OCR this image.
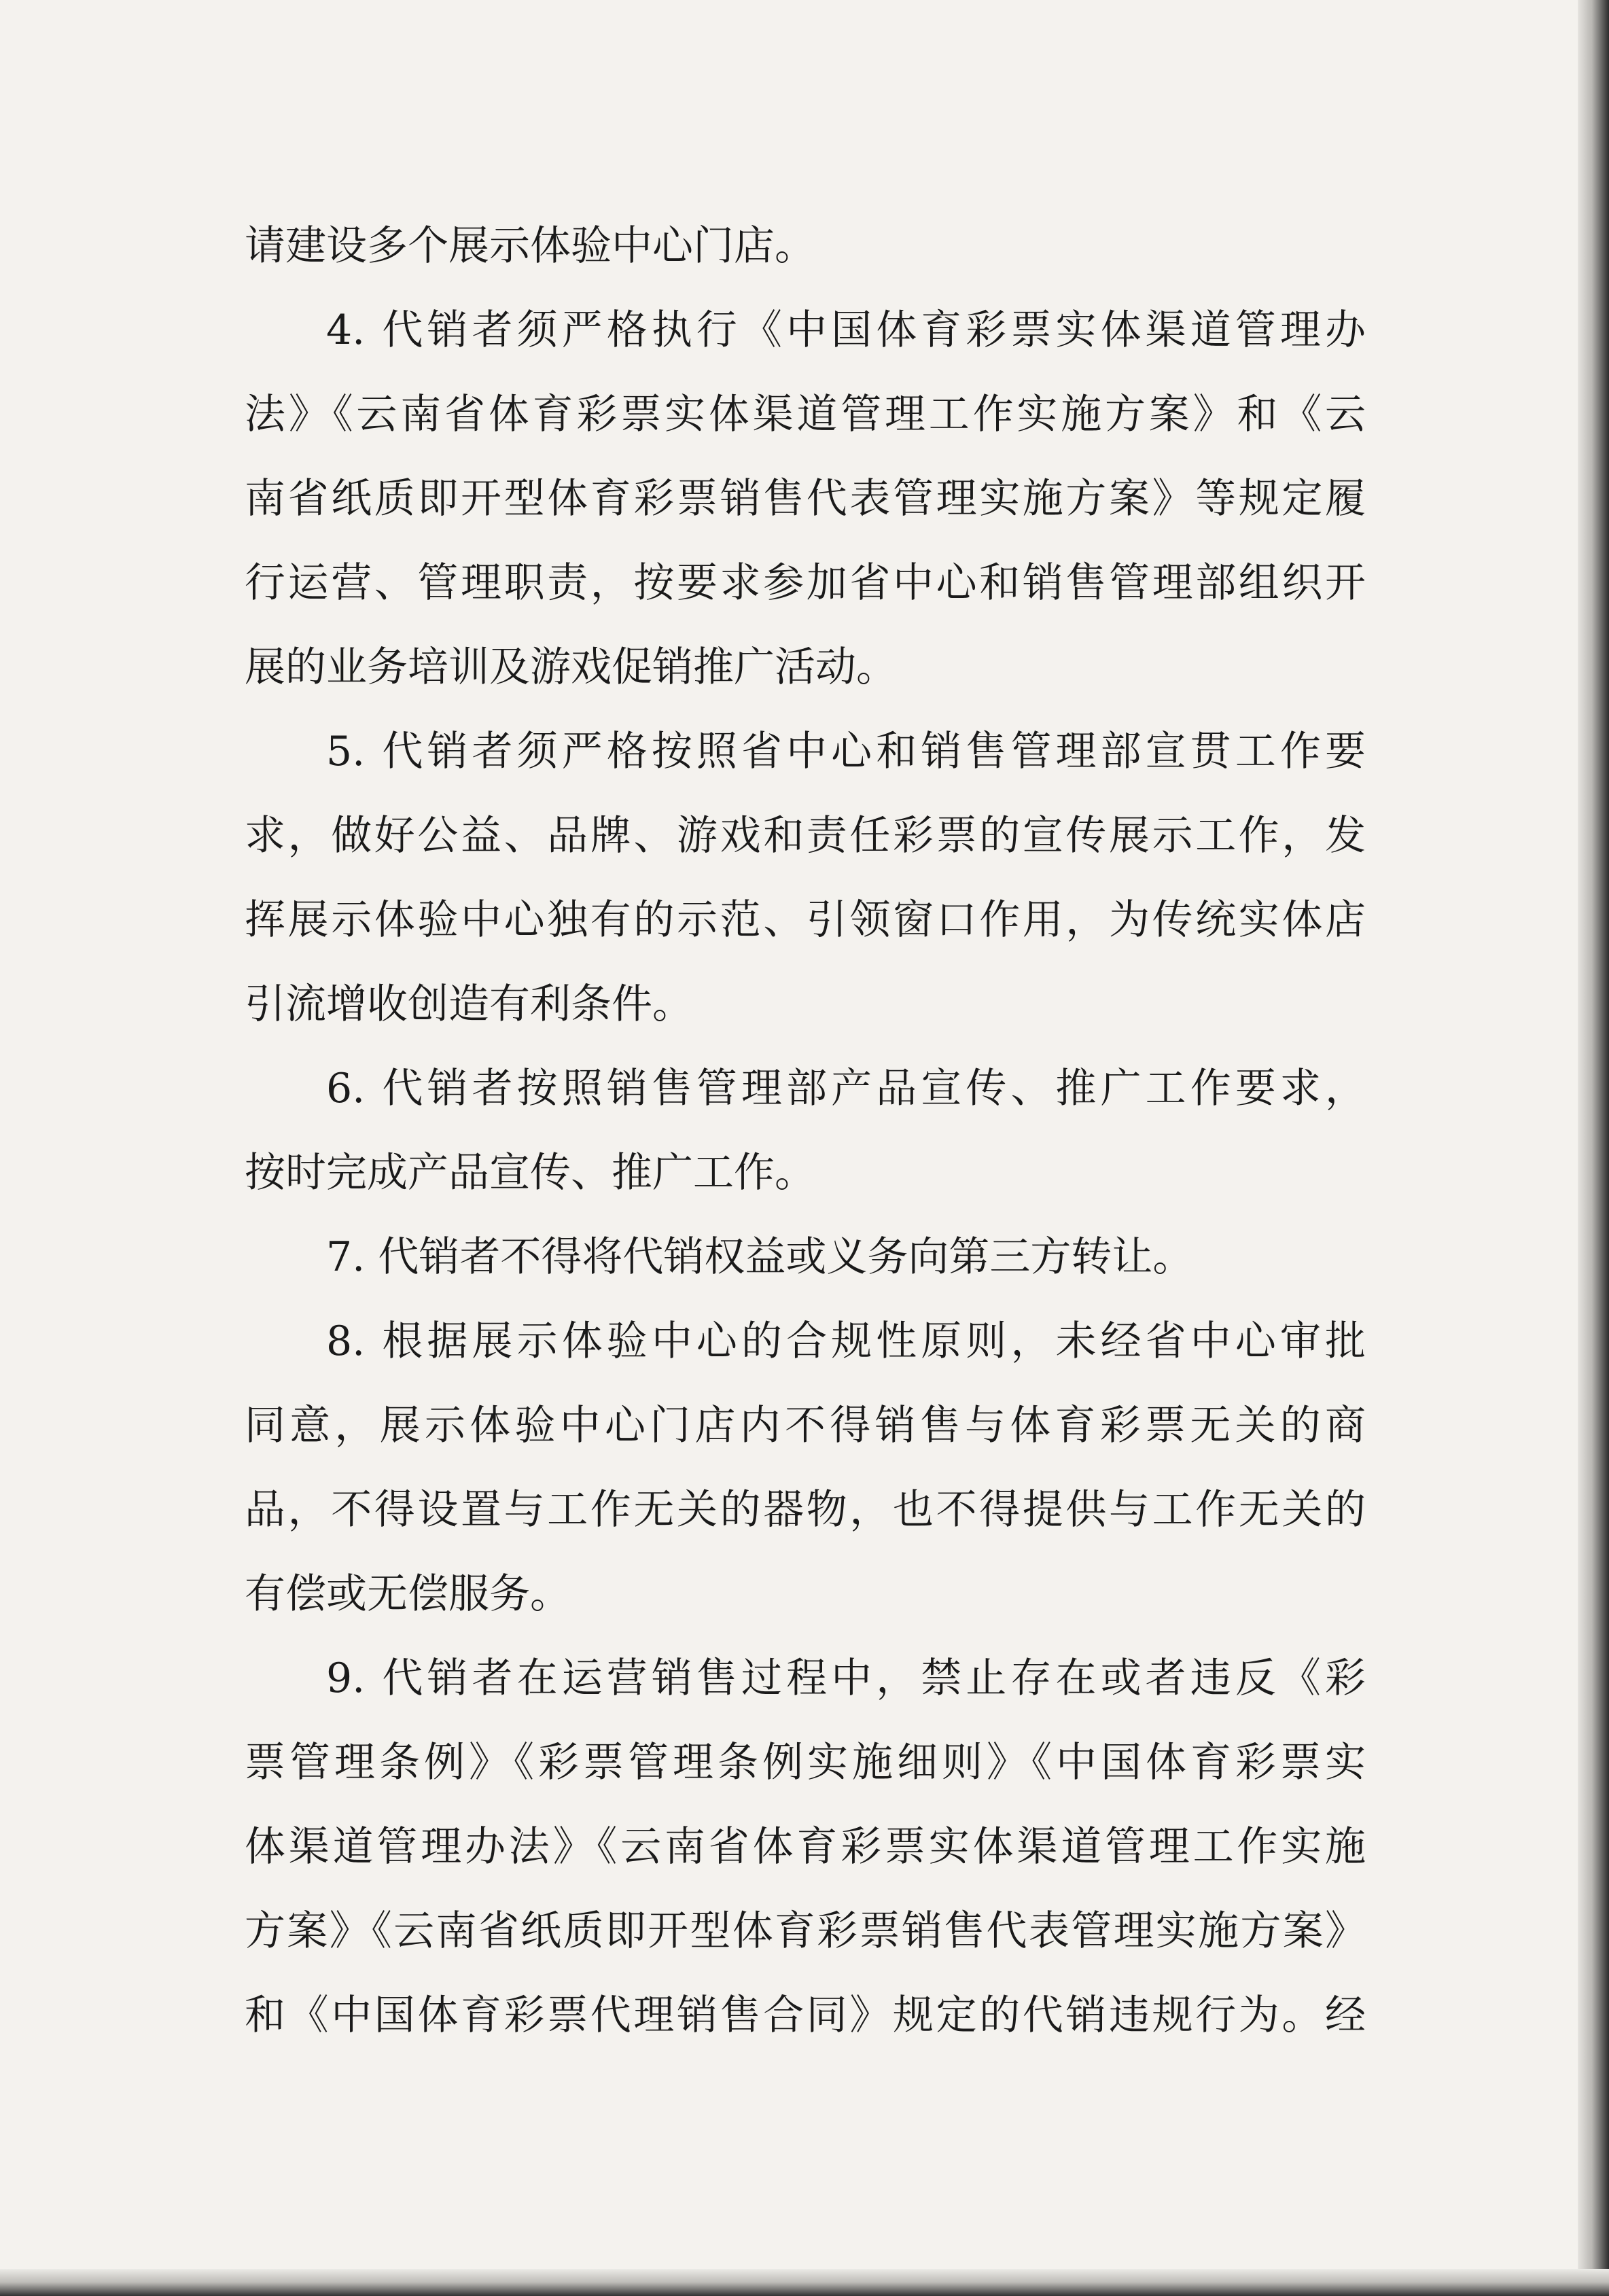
请建设多个展示体验中心门店。

4. 代销者须严格执行《中国体育彩票实体渠道管理办

法》《云南省体育彩票实体渠道管理工作实施方案》和《云

南省纸质即开型体育彩票销售代表管理实施方案》等规定履

行运营、管理职责，按要求参加省中心和销售管理部组织开

展的业务培训及游戏促销推广活动。

5. 代销者须严格按照省中心和销售管理部宣贯工作要

求，做好公益、品牌、游戏和责任彩票的宣传展示工作，发

挥展示体验中心独有的示范、引领窗口作用，为传统实体店

引流增收创造有利条件。

6. 代销者按照销售管理部产品宣传、推广工作要求，

按时完成产品宣传、推广工作。

7. 代销者不得将代销权益或义务向第三方转让。

8. 根据展示体验中心的合规性原则，未经省中心审批

同意，展示体验中心门店内不得销售与体育彩票无关的商

品，不得设置与工作无关的器物，也不得提供与工作无关的

有偿或无偿服务。

9. 代销者在运营销售过程中，禁止存在或者违反《彩

票管理条例》《彩票管理条例实施细则》《中国体育彩票实

体渠道管理办法》《云南省体育彩票实体渠道管理工作实施

方案》《云南省纸质即开型体育彩票销售代表管理实施方案》

和《中国体育彩票代理销售合同》规定的代销违规行为。经
